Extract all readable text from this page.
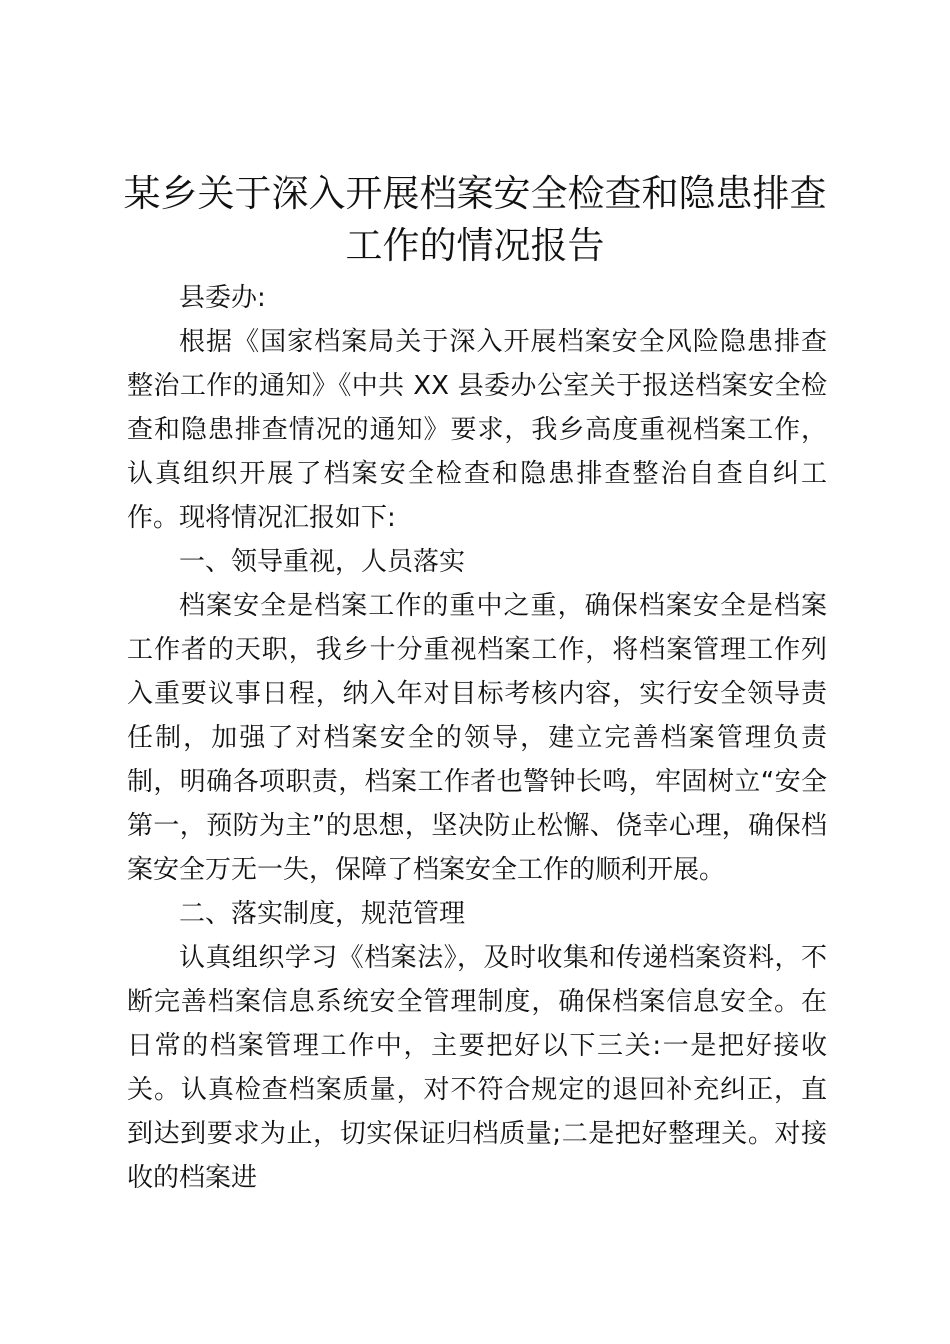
某乡关于深入开展档案安全检查和隐患排查工作的情况报告

县委办:

根据《国家档案局关于深入开展档案安全风险隐患排查整治工作的通知》《中共 XX 县委办公室关于报送档案安全检查和隐患排查情况的通知》要求，我乡高度重视档案工作，认真组织开展了档案安全检查和隐患排查整治自查自纠工作。现将情况汇报如下:

一、领导重视，人员落实

档案安全是档案工作的重中之重，确保档案安全是档案工作者的天职，我乡十分重视档案工作，将档案管理工作列入重要议事日程，纳入年对目标考核内容，实行安全领导责任制，加强了对档案安全的领导，建立完善档案管理负责制，明确各项职责，档案工作者也警钟长鸣，牢固树立“安全第一，预防为主”的思想，坚决防止松懈、侥幸心理，确保档案安全万无一失，保障了档案安全工作的顺利开展。

二、落实制度，规范管理

认真组织学习《档案法》，及时收集和传递档案资料，不断完善档案信息系统安全管理制度，确保档案信息安全。在日常的档案管理工作中，主要把好以下三关:一是把好接收关。认真检查档案质量，对不符合规定的退回补充纠正，直到达到要求为止，切实保证归档质量;二是把好整理关。对接收的档案进
